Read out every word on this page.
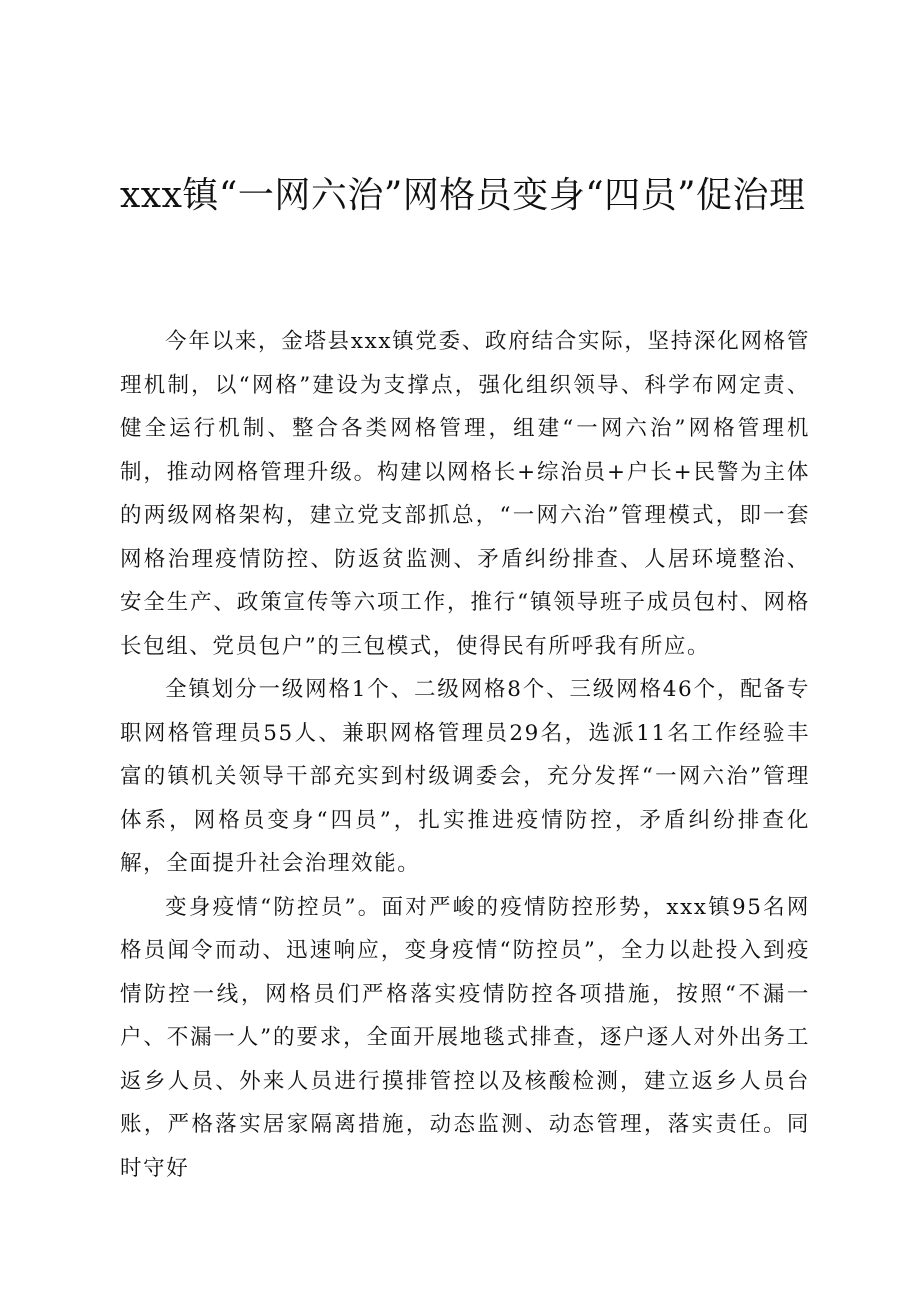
xxx镇“一网六治”网格员变身“四员”促治理

今年以来，金塔县xxx镇党委、政府结合实际，坚持深化网格管理机制，以“网格”建设为支撑点，强化组织领导、科学布网定责、健全运行机制、整合各类网格管理，组建“一网六治”网格管理机制，推动网格管理升级。构建以网格长+综治员+户长+民警为主体的两级网格架构，建立党支部抓总，“一网六治”管理模式，即一套网格治理疫情防控、防返贫监测、矛盾纠纷排查、人居环境整治、安全生产、政策宣传等六项工作，推行“镇领导班子成员包村、网格长包组、党员包户”的三包模式，使得民有所呼我有所应。

全镇划分一级网格1个、二级网格8个、三级网格46个，配备专职网格管理员55人、兼职网格管理员29名，选派11名工作经验丰富的镇机关领导干部充实到村级调委会，充分发挥“一网六治”管理体系，网格员变身“四员”，扎实推进疫情防控，矛盾纠纷排查化解，全面提升社会治理效能。

变身疫情“防控员”。面对严峻的疫情防控形势，xxx镇95名网格员闻令而动、迅速响应，变身疫情“防控员”，全力以赴投入到疫情防控一线，网格员们严格落实疫情防控各项措施，按照“不漏一户、不漏一人”的要求，全面开展地毯式排查，逐户逐人对外出务工返乡人员、外来人员进行摸排管控以及核酸检测，建立返乡人员台账，严格落实居家隔离措施，动态监测、动态管理，落实责任。同时守好
